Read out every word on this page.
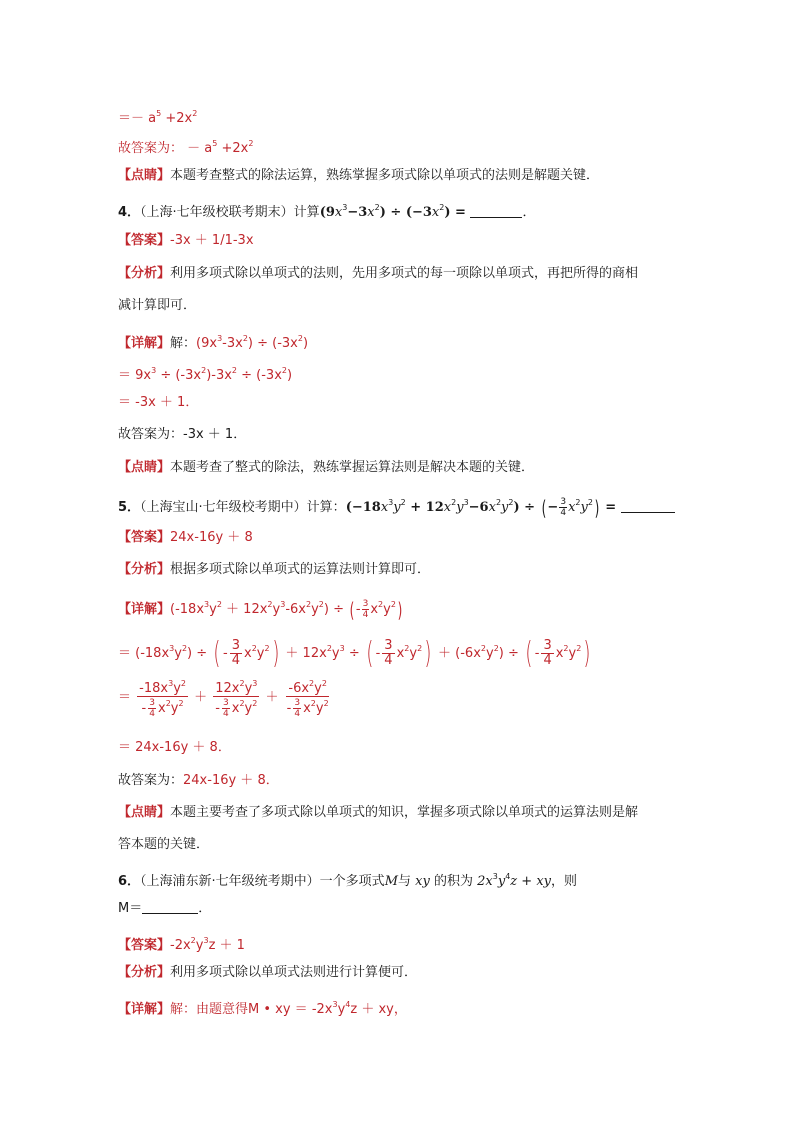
＝－ $a^5 +2x^2$
故答案为： － $a^5 +2x^2$
【点睛】本题考查整式的除法运算，熟练掌握多项式除以单项式的法则是解题关键．
4．（上海·七年级校联考期末）计算$(9x^3-3x^2) \div (-3x^2)$ =	．
【答案】-3x ＋ 1/1-3x
【分析】利用多项式除以单项式的法则，先用多项式的每一项除以单项式，再把所得的商相
减计算即可．
【详解】解：$(9x^3-3x^2) \div (-3x^2)$
＝ $9x^3 \div (-3x^2)-3x^2 \div (-3x^2)$
＝ -3x ＋ 1．
故答案为：-3x ＋ 1．
【点睛】本题考查了整式的除法，熟练掌握运算法则是解决本题的关键．
5．（上海宝山·七年级校考期中）计算：$(-18x^3y^2 + 12x^2y^3-6x^2y^2)$ ÷ ( − $\frac{3}{4} x^2y^2$) =
【答案】24x-16y ＋ 8
【分析】根据多项式除以单项式的运算法则计算即可．
【详解】$(-18x^3y^2 + 12x^2y^3-6x^2y^2)$ ÷ ( - $\frac{3}{4} x^2y^2$)
＝ $(-18x^3y^2)$ ÷ ( - $\frac{3}{4} x^2y^2) + 12x^2y^3$ ÷ ( - $\frac{3}{4} x^2y^2) + (-6x^2y^2)$ ÷ ( - $\frac{3}{4} x^2y^2$)
＝ $\frac{-18x^3y^2}{- \frac{3}{4} x^2y^2} + \frac{12x^2y^3}{- \frac{3}{4} x^2y^2} + \frac{-6x^2y^2}{- \frac{3}{4} x^2y^2}$
＝ 24x-16y ＋ 8．
故答案为：24x-16y ＋ 8．
【点睛】本题主要考查了多项式除以单项式的知识，掌握多项式除以单项式的运算法则是解
答本题的关键．
6．（上海浦东新·七年级统考期中）一个多项式M与 xy 的积为 $2x^3y^4z$ + xy，则
M＝	．
【答案】$-2x^2y^3z + 1$
【分析】利用多项式除以单项式法则进行计算便可．
【详解】解：由题意得M • xy ＝ $-2x^3y^4z$ ＋ xy，
